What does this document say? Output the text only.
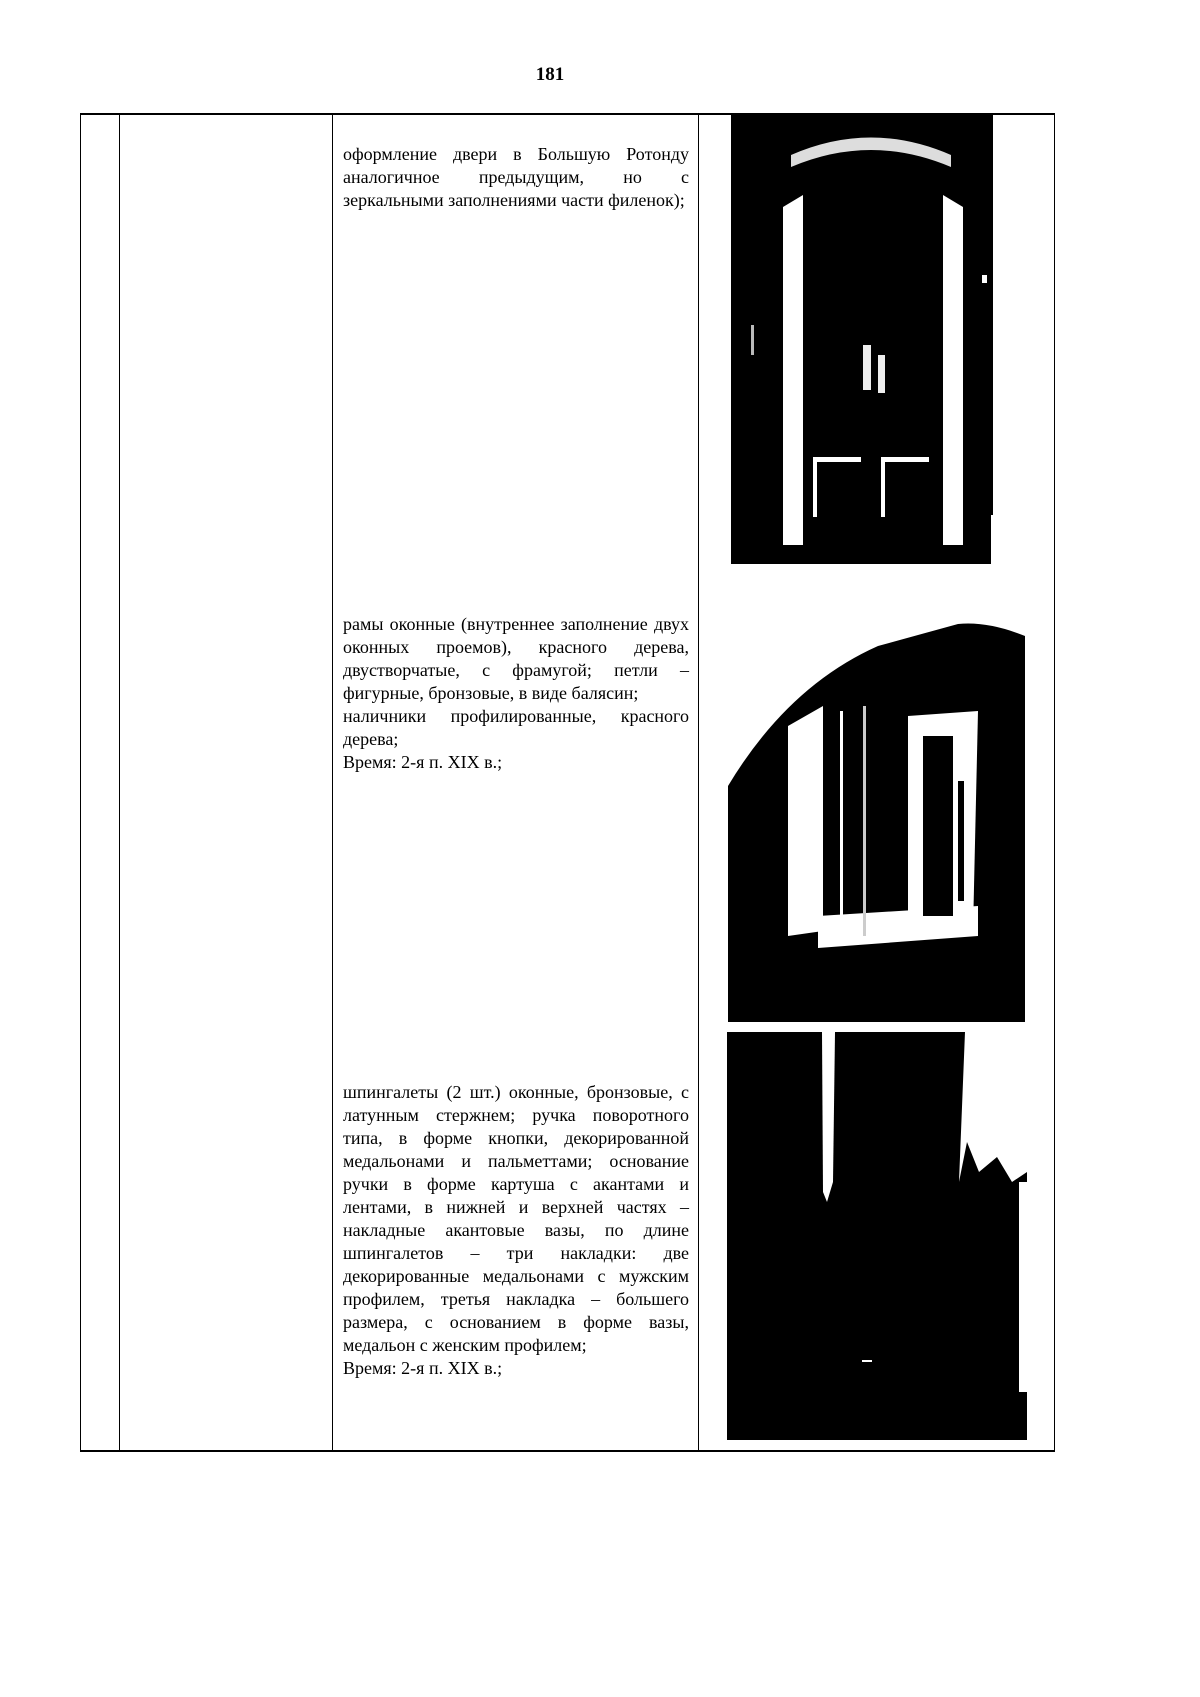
181

оформление двери в Большую Ротонду аналогичное предыдущим, но с зеркальными заполнениями части филенок);

рамы оконные (внутреннее заполнение двух оконных проемов), красного дерева, двустворчатые, с фрамугой; петли – фигурные, бронзовые, в виде балясин;

наличники профилированные, красного дерева;

Время: 2-я п. XIX в.;

шпингалеты (2 шт.) оконные, бронзовые, с латунным стержнем; ручка поворотного типа, в форме кнопки, декорированной медальонами и пальметтами; основание ручки в форме картуша с акантами и лентами, в нижней и верхней частях – накладные акантовые вазы, по длине шпингалетов – три накладки: две декорированные медальонами с мужским профилем, третья накладка – большего размера, с основанием в форме вазы, медальон с женским профилем;

Время: 2-я п. XIX в.;
